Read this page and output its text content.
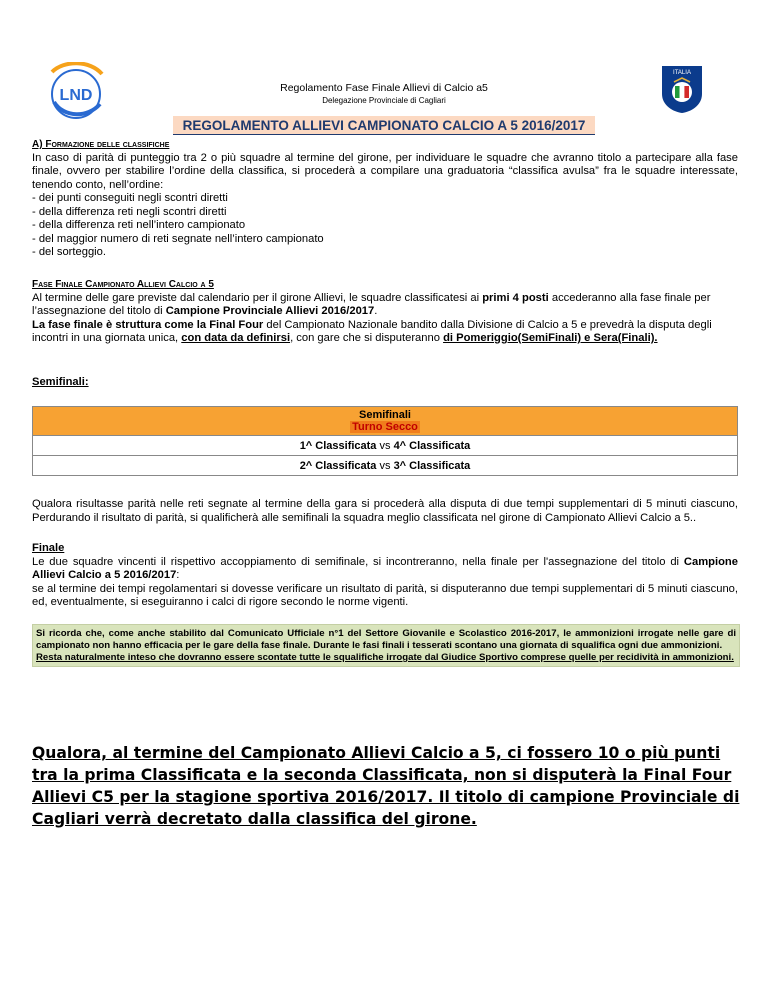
LND
ITALIA
Regolamento Fase Finale Allievi di Calcio a5
Delegazione Provinciale di Cagliari
REGOLAMENTO ALLIEVI CAMPIONATO CALCIO A 5 2016/2017

A) Formazione delle classifiche

In caso di parità di punteggio tra 2 o più squadre al termine del girone, per individuare le squadre che avranno titolo a partecipare alla fase finale, ovvero per stabilire l’ordine della classifica, si procederà a compilare una graduatoria “classifica avulsa” fra le squadre interessate, tenendo conto, nell’ordine:

- dei punti conseguiti negli scontri diretti

- della differenza reti negli scontri diretti

- della differenza reti nell’intero campionato

- del maggior numero di reti segnate nell’intero campionato

- del sorteggio.

Fase Finale Campionato Allievi Calcio a 5

Al termine delle gare previste dal calendario per il girone Allievi, le squadre classificatesi ai primi 4 posti accederanno alla fase finale per l’assegnazione del titolo di Campione Provinciale Allievi 2016/2017.

La fase finale è struttura come la Final Four del Campionato Nazionale bandito dalla Divisione di Calcio a 5 e prevedrà la disputa degli incontri in una giornata unica, con data da definirsi, con gare che si disputeranno di Pomeriggio(SemiFinali) e Sera(Finali).

Semifinali:
Semifinali
Turno Secco
1^ Classificata vs 4^ Classificata
2^ Classificata vs 3^ Classificata
Qualora risultasse parità nelle reti segnate al termine della gara si procederà alla disputa di due tempi supplementari di 5 minuti ciascuno, Perdurando il risultato di parità, si qualificherà alle semifinali la squadra meglio classificata nel girone di Campionato Allievi Calcio a 5..

Finale

Le due squadre vincenti il rispettivo accoppiamento di semifinale, si incontreranno, nella finale per l'assegnazione del titolo di Campione Allievi Calcio a 5 2016/2017:

se al termine dei tempi regolamentari si dovesse verificare un risultato di parità, si disputeranno due tempi supplementari di 5 minuti ciascuno, ed, eventualmente, si eseguiranno i calci di rigore secondo le norme vigenti.

Si ricorda che, come anche stabilito dal Comunicato Ufficiale n°1 del Settore Giovanile e Scolastico 2016-2017, le ammonizioni irrogate nelle gare di campionato non hanno efficacia per le gare della fase finale. Durante le fasi finali i tesserati scontano una giornata di squalifica ogni due ammonizioni.

Resta naturalmente inteso che dovranno essere scontate tutte le squalifiche irrogate dal Giudice Sportivo comprese quelle per recidività in ammonizioni.

Qualora, al termine del Campionato Allievi Calcio a 5, ci fossero 10 o più punti tra la prima Classificata e la seconda Classificata, non si disputerà la Final Four Allievi C5 per la stagione sportiva 2016/2017. Il titolo di campione Provinciale di Cagliari verrà decretato dalla classifica del girone.
